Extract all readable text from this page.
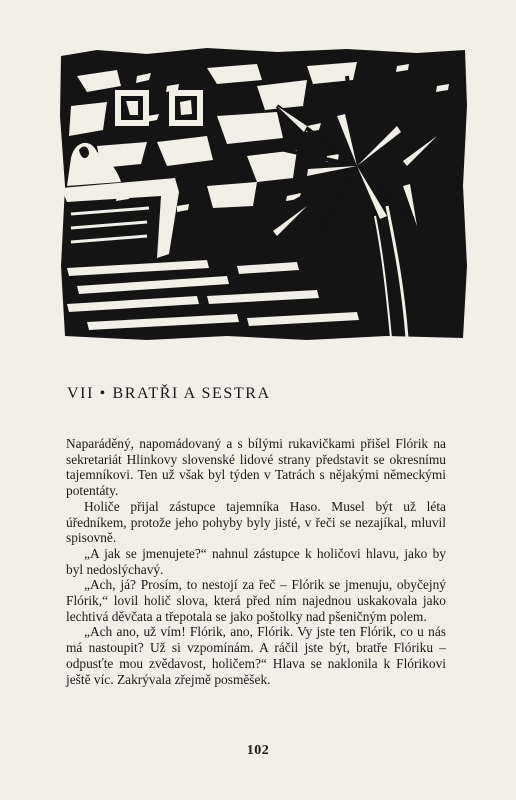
VII • BRATŘI A SESTRA

Naparáděný, napomádovaný a s bílými rukavičkami přišel Flórik na sekretariát Hlinkovy slovenské lidové strany představit se okresnímu tajemníkovi. Ten už však byl týden v Tatrách s nějakými německými potentáty.

Holiče přijal zástupce tajemníka Haso. Musel být už léta úředníkem, protože jeho pohyby byly jisté, v řeči se nezajíkal, mluvil spisovně.

„A jak se jmenujete?“ nahnul zástupce k holičovi hlavu, jako by byl nedoslýchavý.

„Ach, já? Prosím, to nestojí za řeč – Flórik se jmenuju, obyčejný Flórik,“ lovil holič slova, která před ním najednou uskakovala jako lechtivá děvčata a třepotala se jako poštolky nad pšeničným polem.

„Ach ano, už vím! Flórik, ano, Flórik. Vy jste ten Flórik, co u nás má nastoupit? Už si vzpomínám. A ráčil jste být, bratře Flóriku – odpusťte mou zvědavost, holičem?“ Hlava se naklonila k Flórikovi ještě víc. Zakrývala zřejmě posměšek.

102
